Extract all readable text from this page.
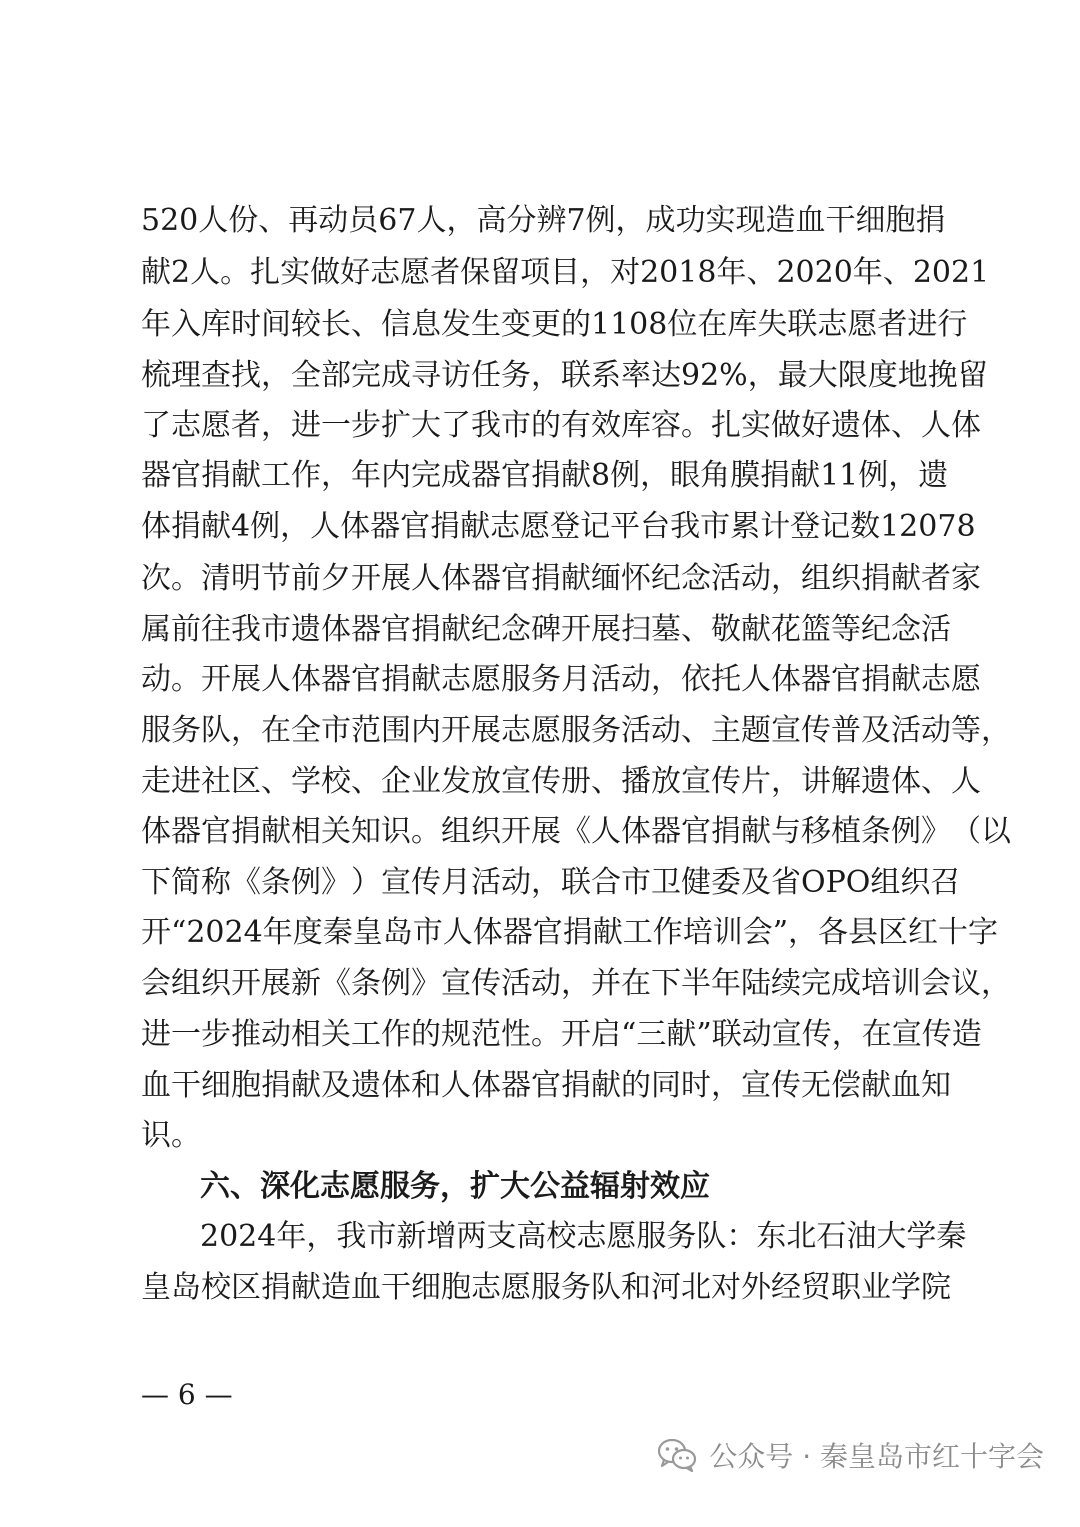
520 人 份 、 再 动 员 67 人 ， 高 分 辨 7 例 ， 成 功 实 现 造 血 干 细 胞 捐
献 2 人 。 扎 实 做 好 志 愿 者 保 留 项 目 ， 对 2018 年 、 2020 年 、 2021
年 入 库 时 间 较 长 、 信 息 发 生 变 更 的 1108 位 在 库 失 联 志 愿 者 进 行
梳 理 查 找 ， 全 部 完 成 寻 访 任 务 ， 联 系 率 达 92% ， 最 大 限 度 地 挽 留
了 志 愿 者 ， 进 一 步 扩 大 了 我 市 的 有 效 库 容 。 扎 实 做 好 遗 体 、 人 体
器 官 捐 献 工 作 ， 年 内 完 成 器 官 捐 献 8 例 ， 眼 角 膜 捐 献 11 例 ， 遗
体 捐 献 4 例 ， 人 体 器 官 捐 献 志 愿 登 记 平 台 我 市 累 计 登 记 数 12078
次 。 清 明 节 前 夕 开 展 人 体 器 官 捐 献 缅 怀 纪 念 活 动 ， 组 织 捐 献 者 家
属 前 往 我 市 遗 体 器 官 捐 献 纪 念 碑 开 展 扫 墓 、 敬 献 花 篮 等 纪 念 活
动 。 开 展 人 体 器 官 捐 献 志 愿 服 务 月 活 动 ， 依 托 人 体 器 官 捐 献 志 愿
服 务 队 ， 在 全 市 范 围 内 开 展 志 愿 服 务 活 动 、 主 题 宣 传 普 及 活 动 等 ，
走 进 社 区 、 学 校 、 企 业 发 放 宣 传 册 、 播 放 宣 传 片 ， 讲 解 遗 体 、 人
体 器 官 捐 献 相 关 知 识 。 组 织 开 展 《 人 体 器 官 捐 献 与 移 植 条 例 》 （ 以
下 简 称 《 条 例 》 ） 宣 传 月 活 动 ， 联 合 市 卫 健 委 及 省 OPO 组 织 召
开 “ 2024 年 度 秦 皇 岛 市 人 体 器 官 捐 献 工 作 培 训 会 ” ， 各 县 区 红 十 字
会 组 织 开 展 新 《 条 例 》 宣 传 活 动 ， 并 在 下 半 年 陆 续 完 成 培 训 会 议 ，
进 一 步 推 动 相 关 工 作 的 规 范 性 。 开 启 “ 三 献 ” 联 动 宣 传 ， 在 宣 传 造
血 干 细 胞 捐 献 及 遗 体 和 人 体 器 官 捐 献 的 同 时 ， 宣 传 无 偿 献 血 知
识。
六、深化志愿服务，扩大公益辐射效应
2024 年 ， 我 市 新 增 两 支 高 校 志 愿 服 务 队 ： 东 北 石 油 大 学 秦
皇 岛 校 区 捐 献 造 血 干 细 胞 志 愿 服 务 队 和 河 北 对 外 经 贸 职 业 学 院
— 6 —
公众号 · 秦皇岛市红十字会
